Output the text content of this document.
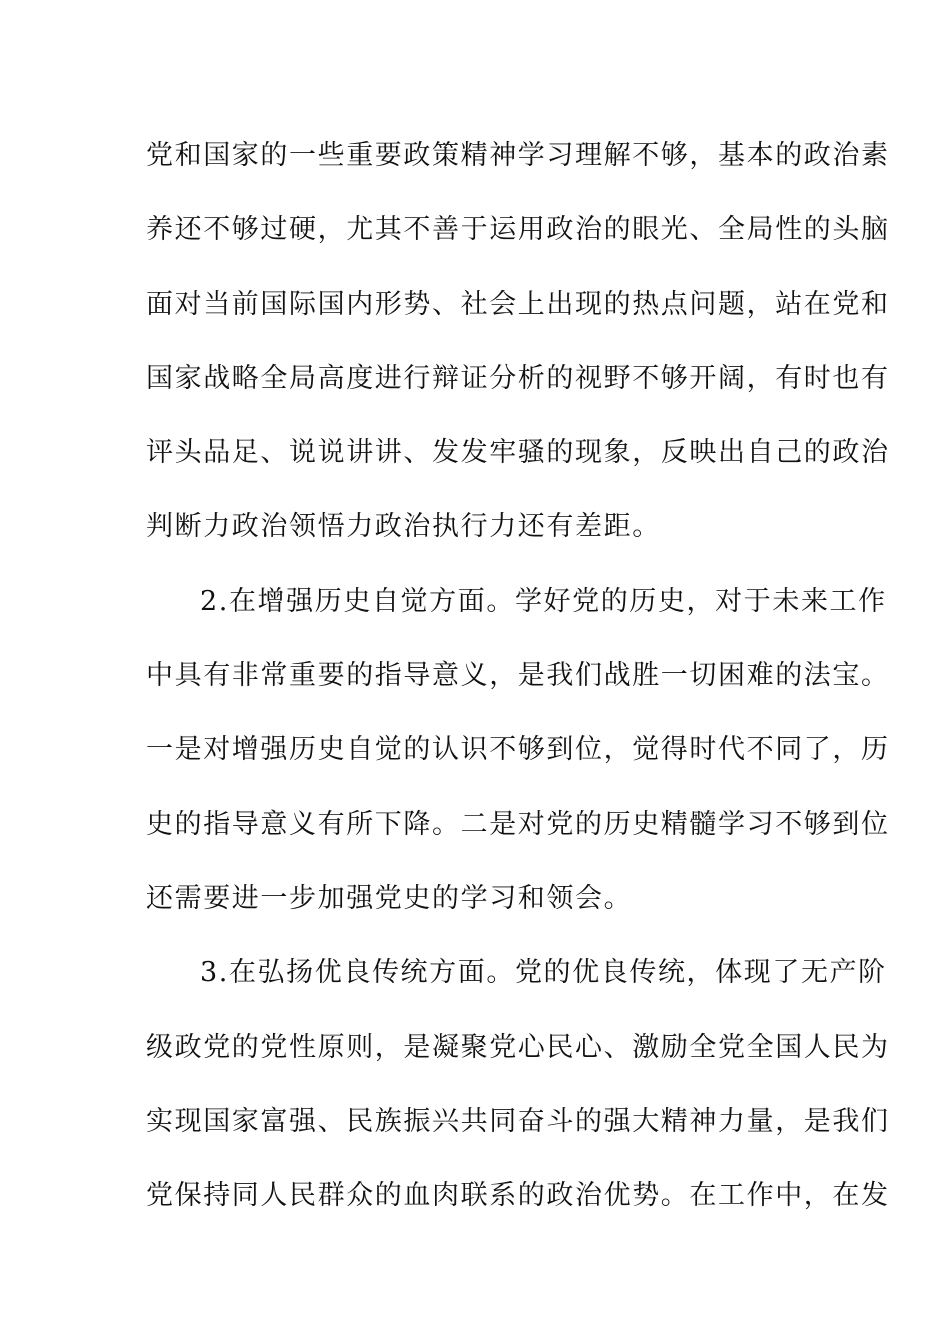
党和国家的一些重要政策精神学习理解不够，基本的政治素
养还不够过硬，尤其不善于运用政治的眼光、全局性的头脑
面对当前国际国内形势、社会上出现的热点问题，站在党和
国家战略全局高度进行辩证分析的视野不够开阔，有时也有
评头品足、说说讲讲、发发牢骚的现象，反映出自己的政治
判断力政治领悟力政治执行力还有差距。
2.在增强历史自觉方面。学好党的历史，对于未来工作
中具有非常重要的指导意义，是我们战胜一切困难的法宝。
一是对增强历史自觉的认识不够到位，觉得时代不同了，历
史的指导意义有所下降。二是对党的历史精髓学习不够到位
还需要进一步加强党史的学习和领会。
3.在弘扬优良传统方面。党的优良传统，体现了无产阶
级政党的党性原则，是凝聚党心民心、激励全党全国人民为
实现国家富强、民族振兴共同奋斗的强大精神力量，是我们
党保持同人民群众的血肉联系的政治优势。在工作中，在发
